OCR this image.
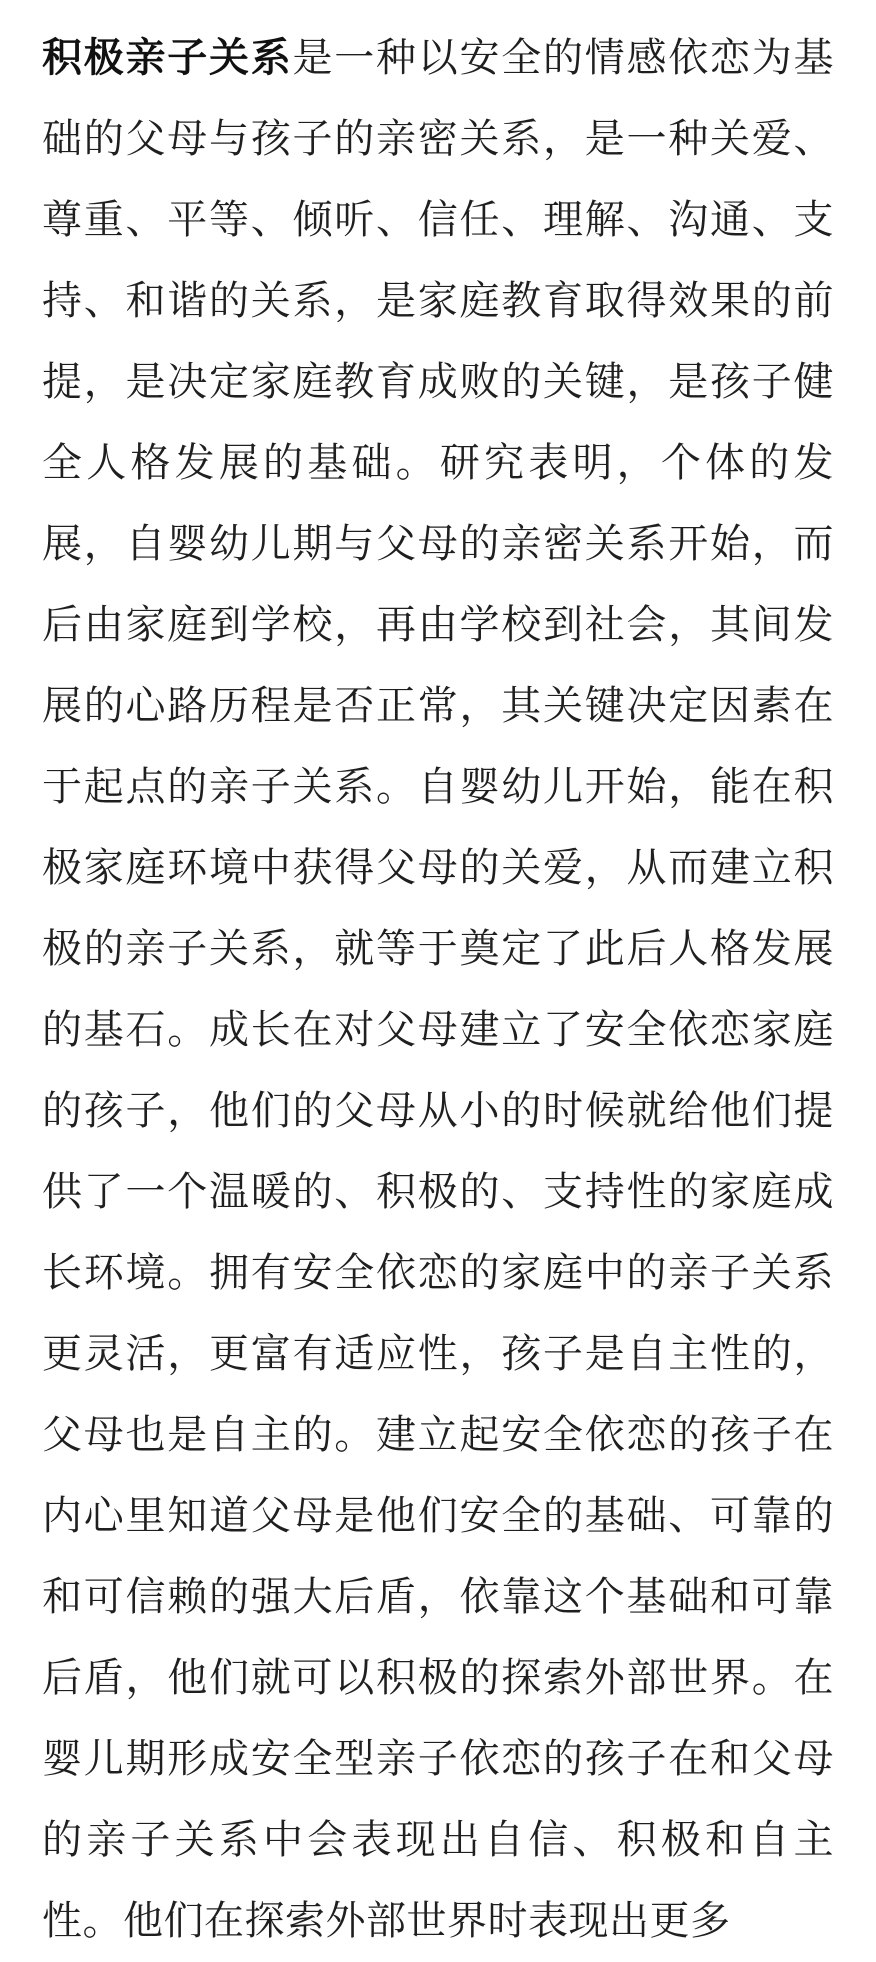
积极亲子关系是一种以安全的情感依恋为基础的父母与孩子的亲密关系，是一种关爱、尊重、平等、倾听、信任、理解、沟通、支持、和谐的关系，是家庭教育取得效果的前提，是决定家庭教育成败的关键，是孩子健全人格发展的基础。研究表明，个体的发展，自婴幼儿期与父母的亲密关系开始，而后由家庭到学校，再由学校到社会，其间发展的心路历程是否正常，其关键决定因素在于起点的亲子关系。自婴幼儿开始，能在积极家庭环境中获得父母的关爱，从而建立积极的亲子关系，就等于奠定了此后人格发展的基石。成长在对父母建立了安全依恋家庭的孩子，他们的父母从小的时候就给他们提供了一个温暖的、积极的、支持性的家庭成长环境。拥有安全依恋的家庭中的亲子关系更灵活，更富有适应性，孩子是自主性的，父母也是自主的。建立起安全依恋的孩子在内心里知道父母是他们安全的基础、可靠的和可信赖的强大后盾，依靠这个基础和可靠后盾，他们就可以积极的探索外部世界。在婴儿期形成安全型亲子依恋的孩子在和父母的亲子关系中会表现出自信、积极和自主性。他们在探索外部世界时表现出更多
